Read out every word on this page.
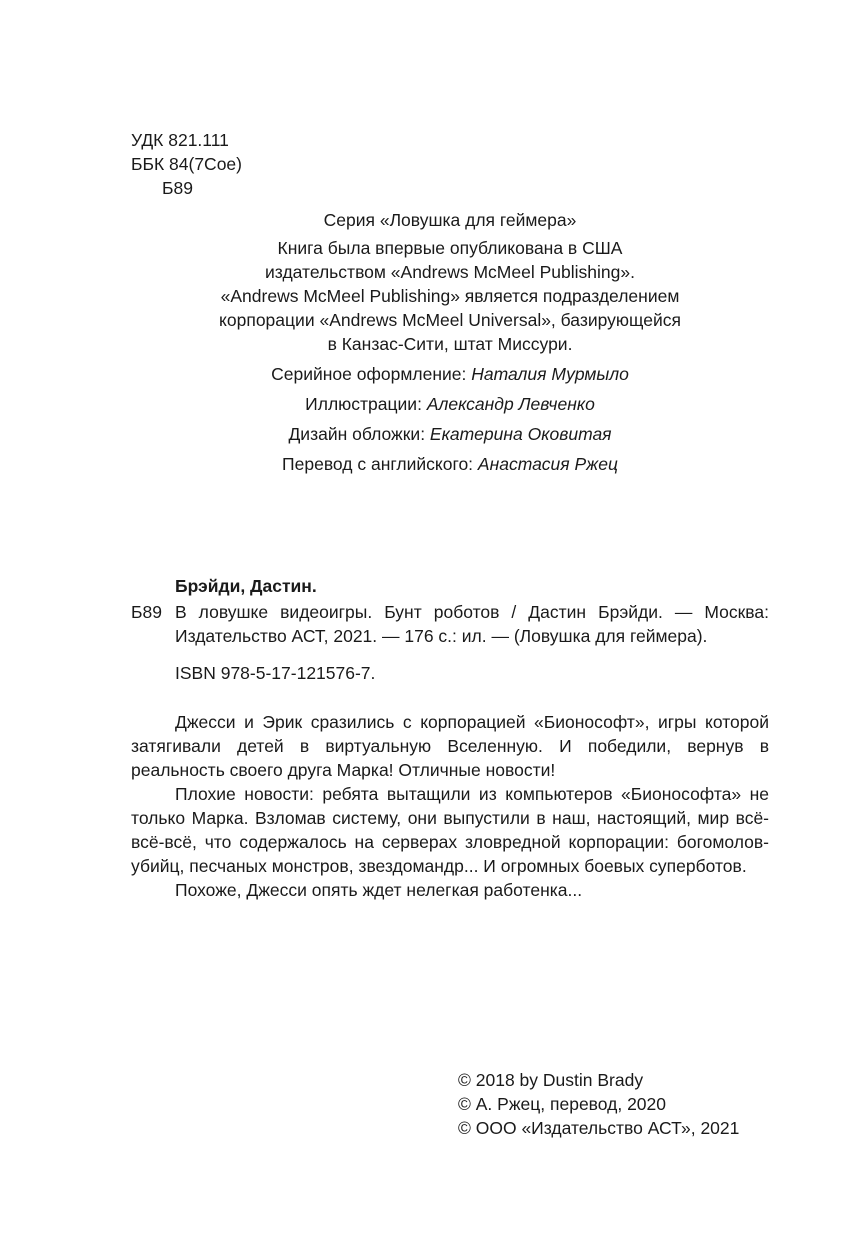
УДК 821.111
ББК 84(7Сое)
Б89
Серия «Ловушка для геймера»
Книга была впервые опубликована в США
издательством «Andrews McMeel Publishing».
«Andrews McMeel Publishing» является подразделением
корпорации «Andrews McMeel Universal», базирующейся
в Канзас-Сити, штат Миссури.
Серийное оформление: Наталия Мурмыло
Иллюстрации: Александр Левченко
Дизайн обложки: Екатерина Оковитая
Перевод с английского: Анастасия Ржец
Брэйди, Дастин.
Б89 В ловушке видеоигры. Бунт роботов / Дастин Брэйди. — Москва: Издательство АСТ, 2021. — 176 с.: ил. — (Ловушка для геймера).
ISBN 978-5-17-121576-7.

Джесси и Эрик сразились с корпорацией «Бионософт», игры которой затягивали детей в виртуальную Вселенную. И победили, вернув в реальность своего друга Марка! Отличные новости!

Плохие новости: ребята вытащили из компьютеров «Бионософта» не только Марка. Взломав систему, они выпустили в наш, настоящий, мир всё-всё-всё, что содержалось на серверах зловредной корпорации: богомолов-убийц, песчаных монстров, звездомандр... И огромных боевых суперботов.

Похоже, Джесси опять ждет нелегкая работенка...

© 2018 by Dustin Brady
© А. Ржец, перевод, 2020
© ООО «Издательство АСТ», 2021
